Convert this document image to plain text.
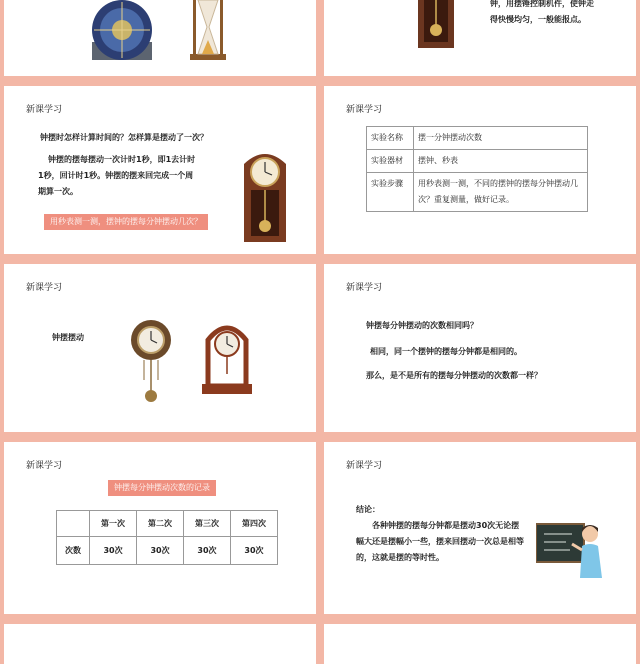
钟，用摆锤控制机件，使钟走
得快慢均匀，一般能报点。
新课学习
钟摆时怎样计算时间的？怎样算是摆动了一次？
钟摆的摆每摆动一次计时1秒，即1去计时
1秒，回计时1秒。钟摆的摆来回完成一个周
期算一次。
用秒表测一测，摆钟的摆每分钟摆动几次？
新课学习
实验名称	摆一分钟摆动次数
实验器材	摆钟、秒表
实验步骤	用秒表测一测，不同的摆钟的摆每分钟摆动几次？重复测量，做好记录。
新课学习
钟摆摆动
新课学习
钟摆每分钟摆动的次数相同吗？
相同，同一个摆钟的摆每分钟都是相同的。
那么，是不是所有的摆每分钟摆动的次数都一样？
新课学习
钟摆每分钟摆动次数的记录
	第一次	第二次	第三次	第四次
次数	30次	30次	30次	30次
新课学习
结论：
各种钟摆的摆每分钟都是摆动30次无论摆
幅大还是摆幅小一些，摆来回摆动一次总是相等
的，这就是摆的等时性。
